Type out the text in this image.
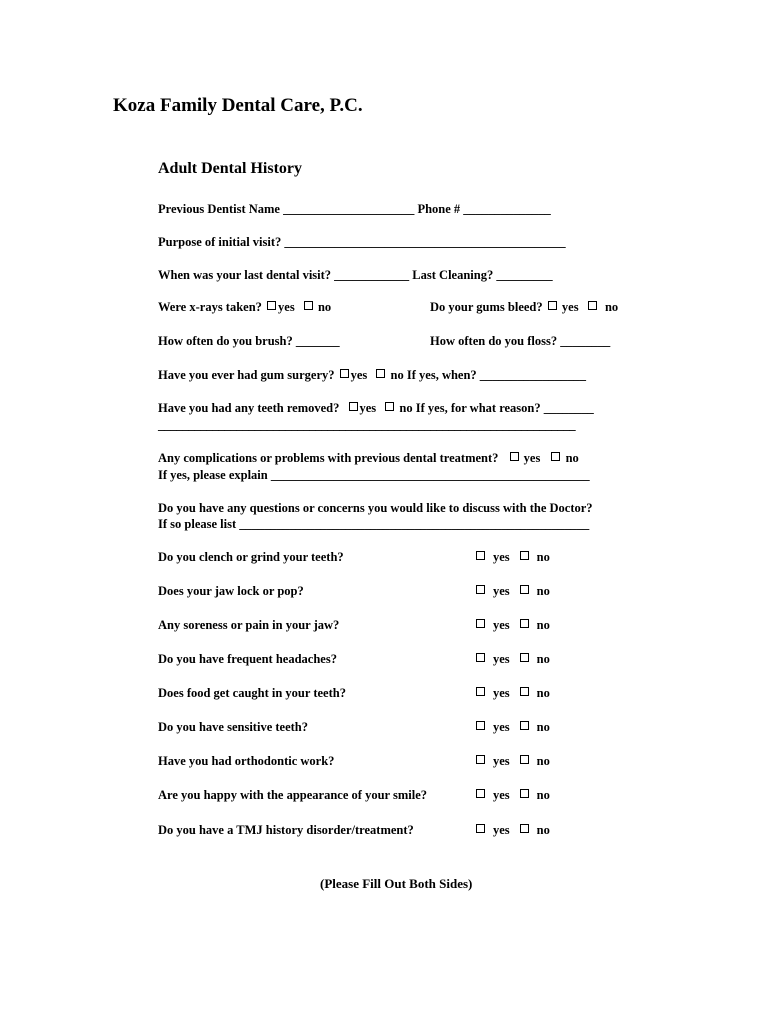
Koza Family Dental Care, P.C.
Adult Dental History
Previous Dentist Name _____________________ Phone # ______________
Purpose of initial visit? _____________________________________________
When was your last dental visit? ____________ Last Cleaning? _________
Were x-rays taken? yes no	Do your gums bleed? yes no
How often do you brush? _______	How often do you floss? ________
Have you ever had gum surgery? yes no If yes, when? _________________
Have you had any teeth removed? yes no If yes, for what reason? ________
_____________________________________________________________________
Any complications or problems with previous dental treatment? yes no
If yes, please explain ___________________________________________________
Do you have any questions or concerns you would like to discuss with the Doctor?
If so please list ________________________________________________________
Do you clench or grind your teeth?	yes no
Does your jaw lock or pop?	yes no
Any soreness or pain in your jaw?	yes no
Do you have frequent headaches?	yes no
Does food get caught in your teeth?	yes no
Do you have sensitive teeth?	yes no
Have you had orthodontic work?	yes no
Are you happy with the appearance of your smile?	yes no
Do you have a TMJ history disorder/treatment?	yes no
(Please Fill Out Both Sides)
